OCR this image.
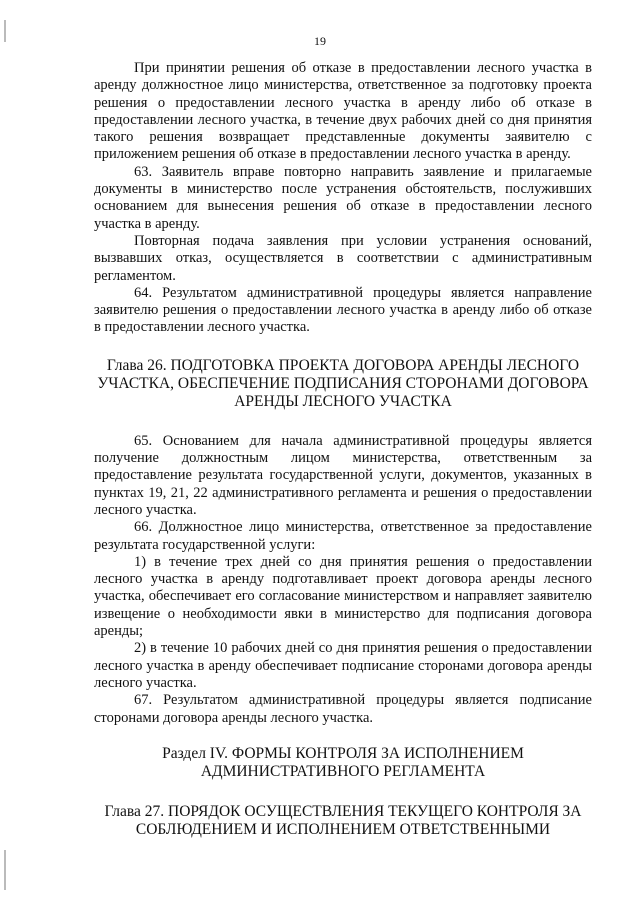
19

При принятии решения об отказе в предоставлении лесного участка в аренду должностное лицо министерства, ответственное за подготовку проекта решения о предоставлении лесного участка в аренду либо об отказе в предоставлении лесного участка, в течение двух рабочих дней со дня принятия такого решения возвращает представленные документы заявителю с приложением решения об отказе в предоставлении лесного участка в аренду.

63. Заявитель вправе повторно направить заявление и прилагаемые документы в министерство после устранения обстоятельств, послуживших основанием для вынесения решения об отказе в предоставлении лесного участка в аренду.

Повторная подача заявления при условии устранения оснований, вызвавших отказ, осуществляется в соответствии с административным регламентом.

64. Результатом административной процедуры является направление заявителю решения о предоставлении лесного участка в аренду либо об отказе в предоставлении лесного участка.

Глава 26. ПОДГОТОВКА ПРОЕКТА ДОГОВОРА АРЕНДЫ ЛЕСНОГО УЧАСТКА, ОБЕСПЕЧЕНИЕ ПОДПИСАНИЯ СТОРОНАМИ ДОГОВОРА АРЕНДЫ ЛЕСНОГО УЧАСТКА

65. Основанием для начала административной процедуры является получение должностным лицом министерства, ответственным за предоставление результата государственной услуги, документов, указанных в пунктах 19, 21, 22 административного регламента и решения о предоставлении лесного участка.

66. Должностное лицо министерства, ответственное за предоставление результата государственной услуги:

1) в течение трех дней со дня принятия решения о предоставлении лесного участка в аренду подготавливает проект договора аренды лесного участка, обеспечивает его согласование министерством и направляет заявителю извещение о необходимости явки в министерство для подписания договора аренды;

2) в течение 10 рабочих дней со дня принятия решения о предоставлении лесного участка в аренду обеспечивает подписание сторонами договора аренды лесного участка.

67. Результатом административной процедуры является подписание сторонами договора аренды лесного участка.

Раздел IV. ФОРМЫ КОНТРОЛЯ ЗА ИСПОЛНЕНИЕМ АДМИНИСТРАТИВНОГО РЕГЛАМЕНТА
Глава 27. ПОРЯДОК ОСУЩЕСТВЛЕНИЯ ТЕКУЩЕГО КОНТРОЛЯ ЗА СОБЛЮДЕНИЕМ И ИСПОЛНЕНИЕМ ОТВЕТСТВЕННЫМИ
